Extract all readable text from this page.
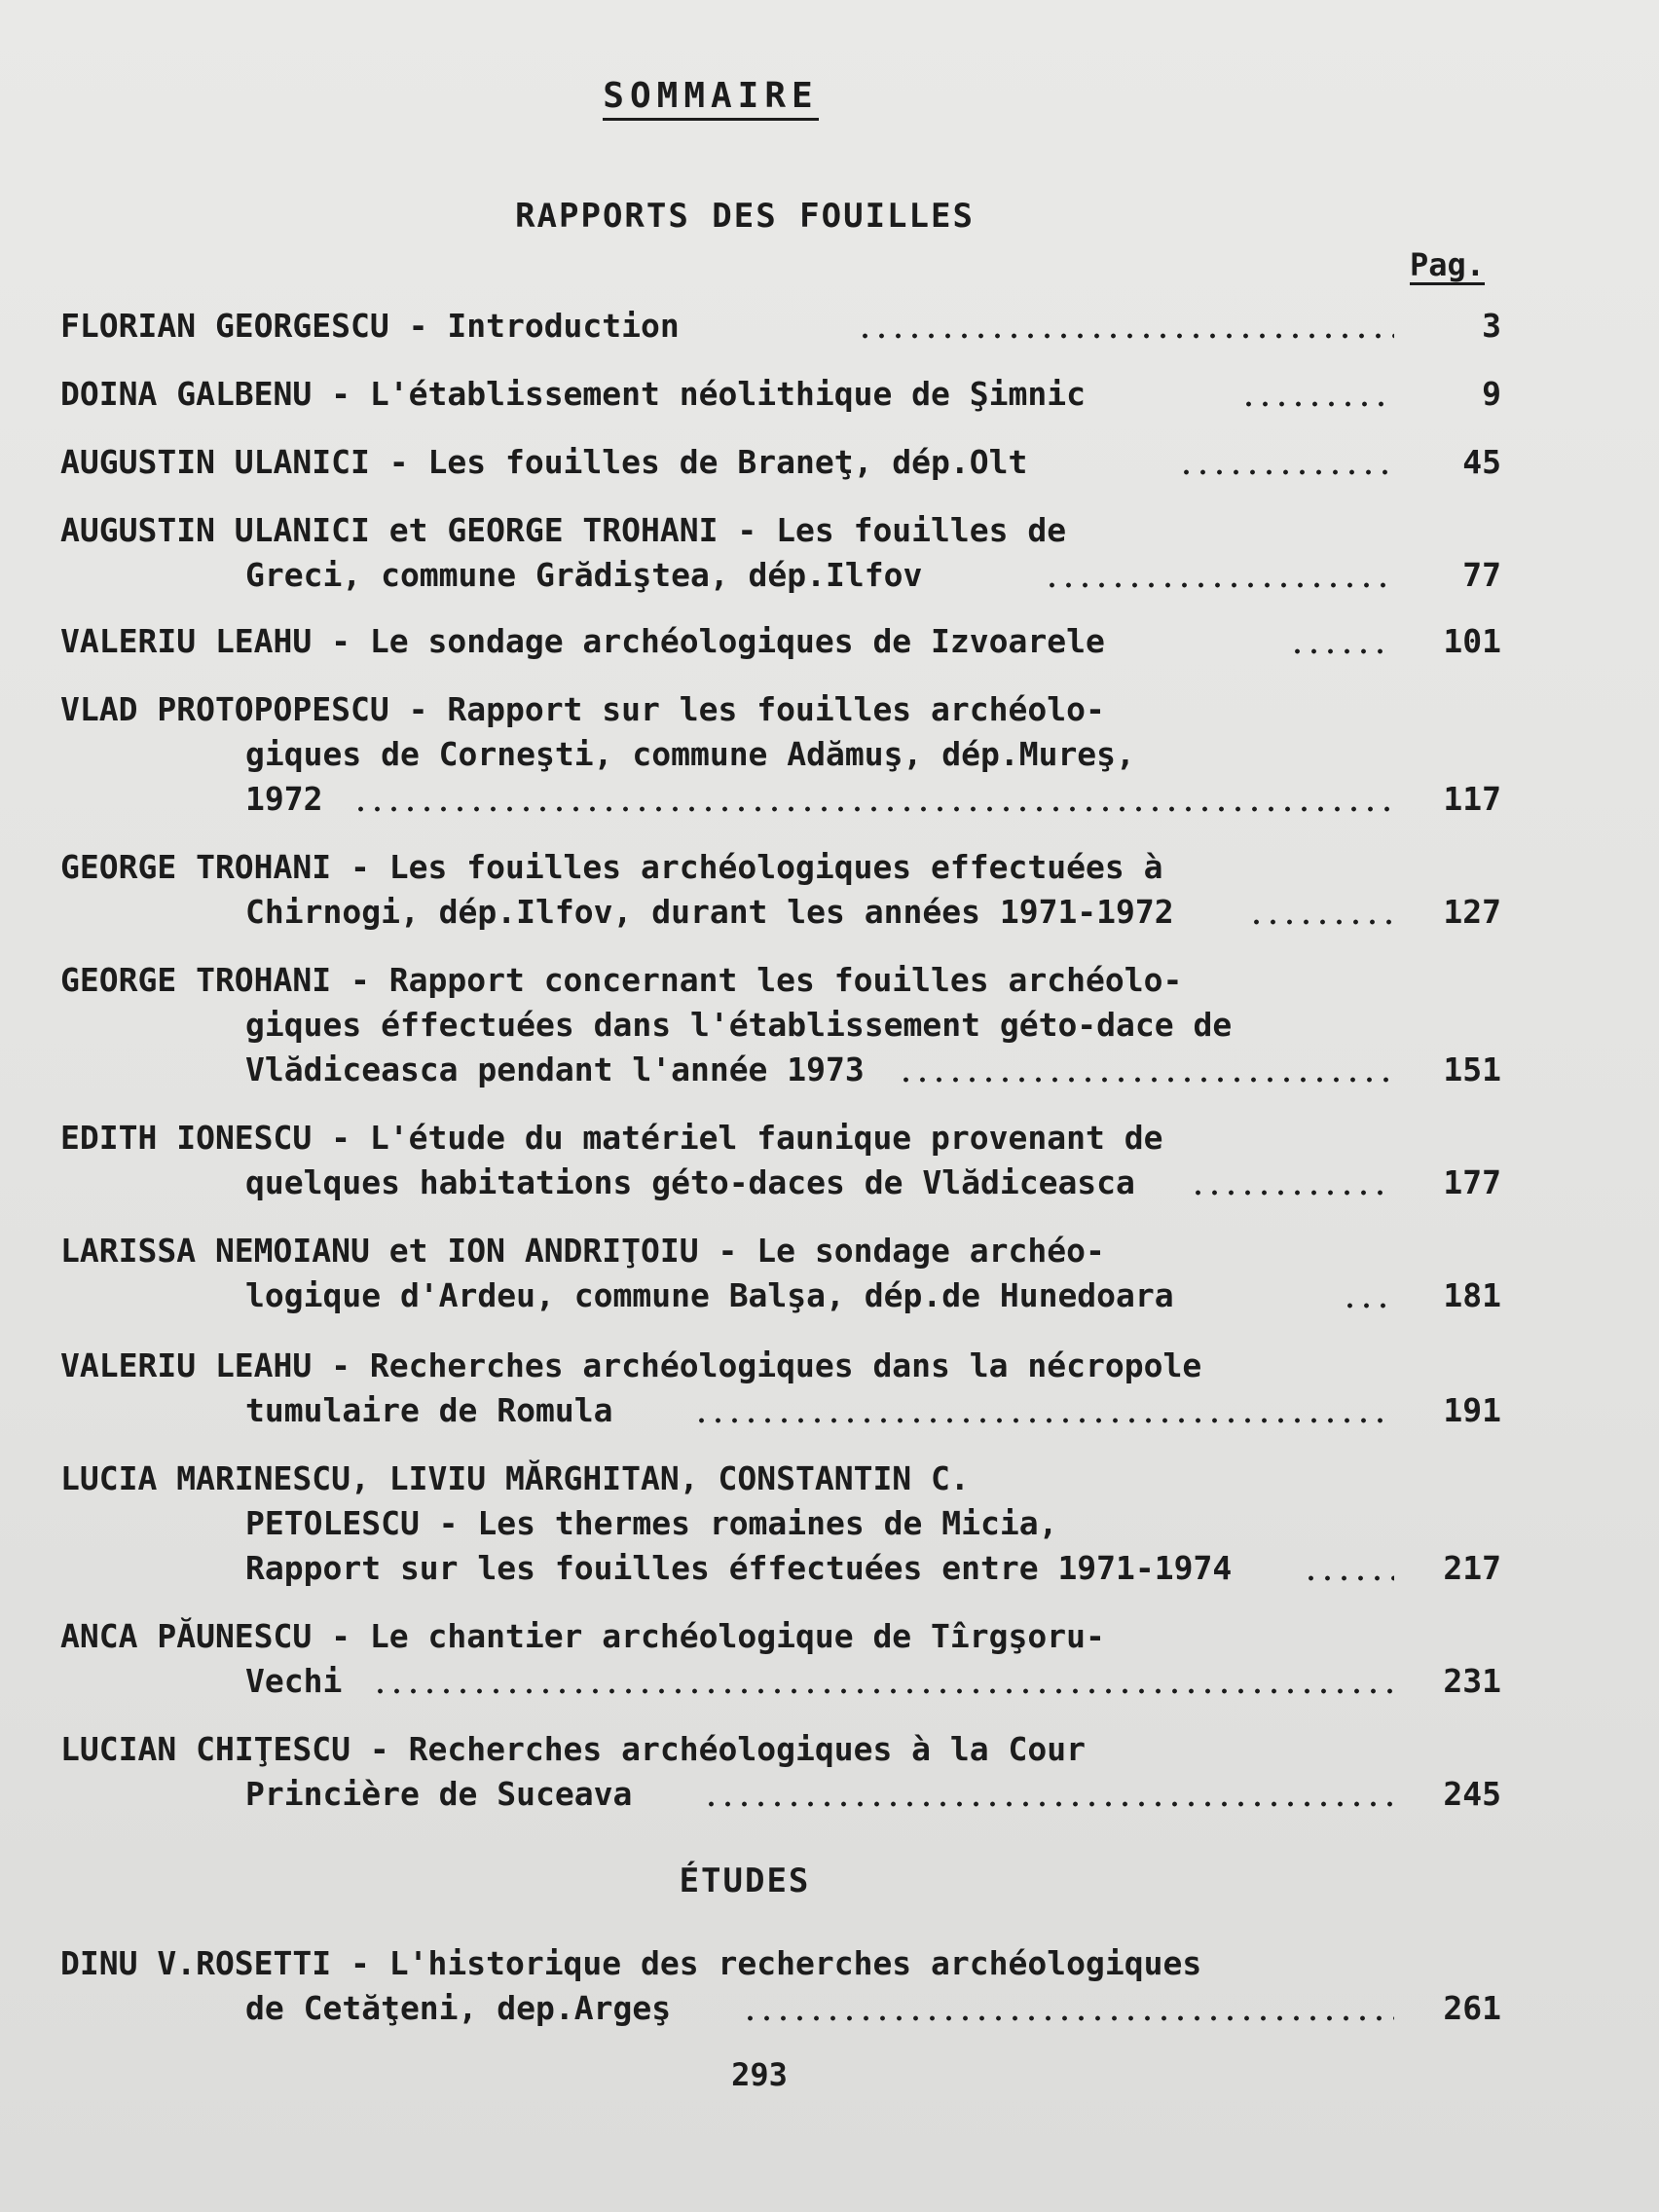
SOMMAIRE
RAPPORTS DES FOUILLES
Pag.
FLORIAN GEORGESCU - Introduction	3
DOINA GALBENU - L'établissement néolithique de Şimnic	9
AUGUSTIN ULANICI - Les fouilles de Braneţ, dép.Olt	45
AUGUSTIN ULANICI et GEORGE TROHANI - Les fouilles de
Greci, commune Grădiştea, dép.Ilfov	77
VALERIU LEAHU - Le sondage archéologiques de Izvoarele	101
VLAD PROTOPOPESCU - Rapport sur les fouilles archéolo-
giques de Corneşti, commune Adămuş, dép.Mureş,
1972	117
GEORGE TROHANI - Les fouilles archéologiques effectuées à
Chirnogi, dép.Ilfov, durant les années 1971-1972	127
GEORGE TROHANI - Rapport concernant les fouilles archéolo-
giques éffectuées dans l'établissement géto-dace de
Vlădiceasca pendant l'année 1973	151
EDITH IONESCU - L'étude du matériel faunique provenant de
quelques habitations géto-daces de Vlădiceasca	177
LARISSA NEMOIANU et ION ANDRIŢOIU - Le sondage archéo-
logique d'Ardeu, commune Balşa, dép.de Hunedoara	181
VALERIU LEAHU - Recherches archéologiques dans la nécropole
tumulaire de Romula	191
LUCIA MARINESCU, LIVIU MĂRGHITAN, CONSTANTIN C.
PETOLESCU - Les thermes romaines de Micia,
Rapport sur les fouilles éffectuées entre 1971-1974	217
ANCA PĂUNESCU - Le chantier archéologique de Tîrgşoru-
Vechi	231
LUCIAN CHIŢESCU - Recherches archéologiques à la Cour
Princière de Suceava	245
ÉTUDES
DINU V.ROSETTI - L'historique des recherches archéologiques
de Cetăţeni, dep.Argeş	261
293
